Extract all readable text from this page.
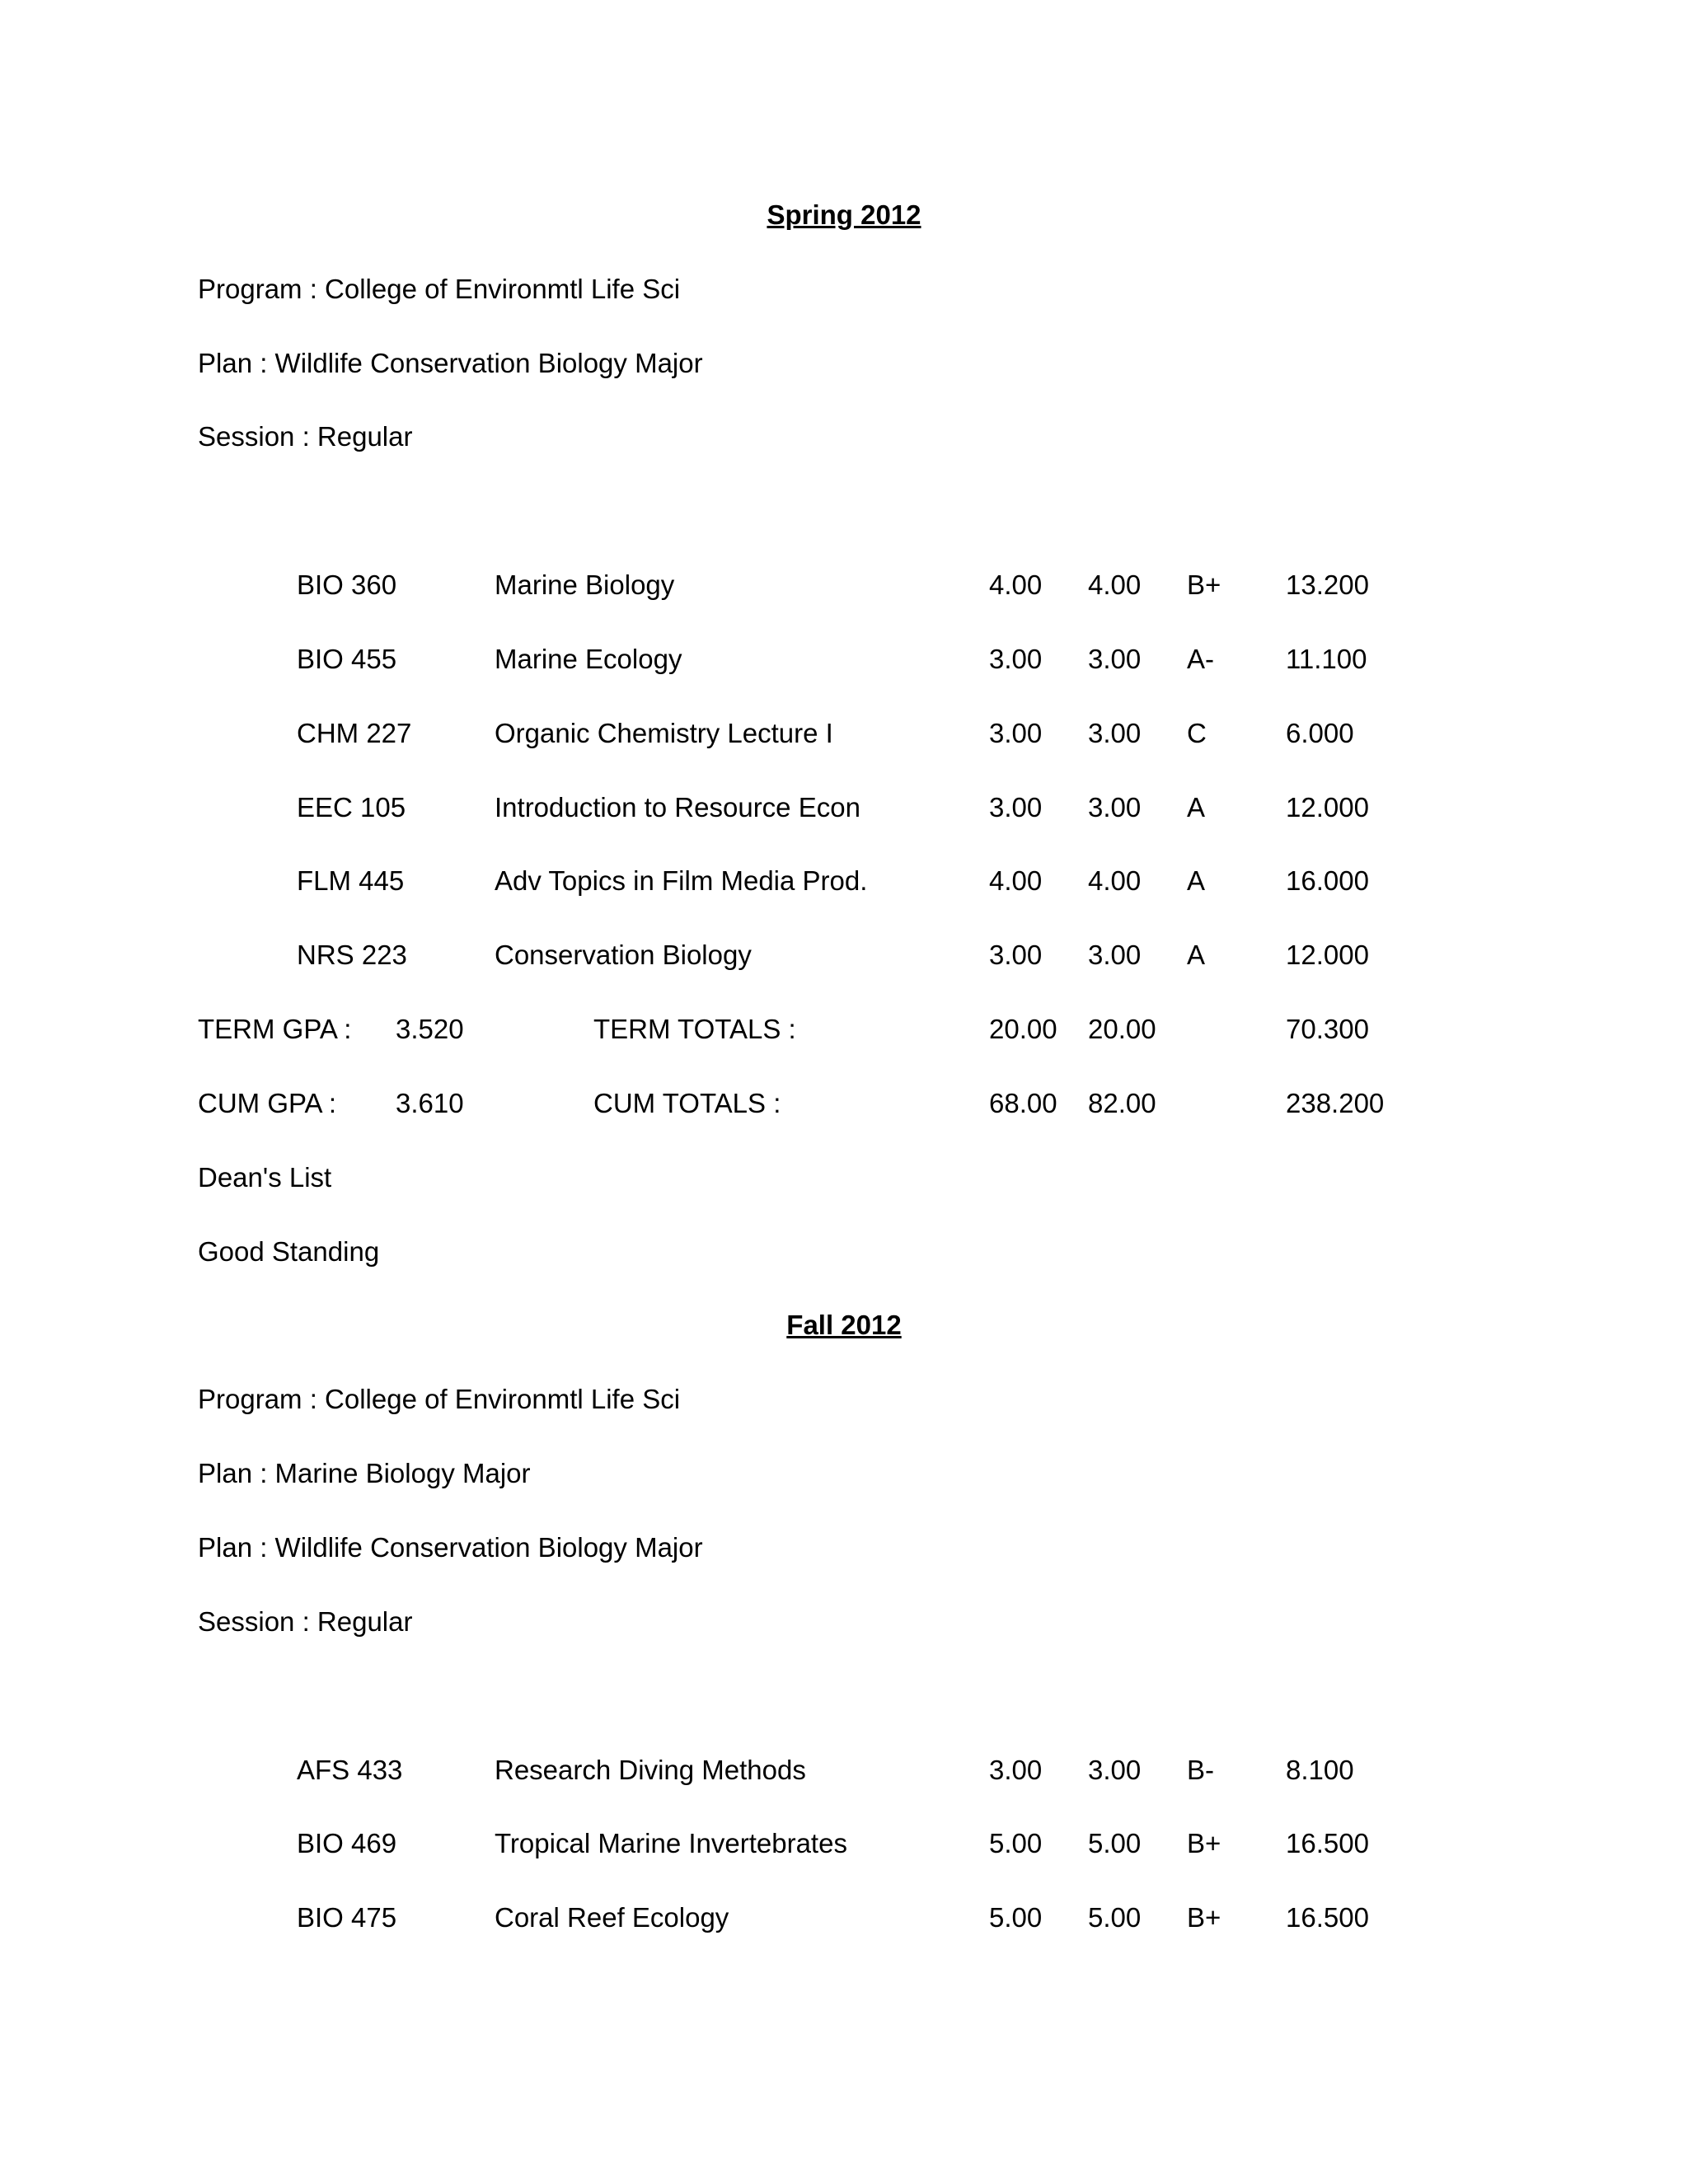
Spring 2012
Program : College of Environmtl Life Sci
Plan : Wildlife Conservation Biology Major
Session : Regular
BIO 360	Marine Biology	4.00 4.00 B+ 13.200
BIO 455	Marine Ecology	3.00 3.00 A-	11.100
CHM 227	Organic Chemistry Lecture I	3.00 3.00 C	6.000
EEC 105	Introduction to Resource Econ	3.00 3.00 A	12.000
FLM 445	Adv Topics in Film Media Prod.	4.00 4.00 A	16.000
NRS 223	Conservation Biology	3.00 3.00 A	12.000
TERM GPA : 3.520	TERM TOTALS :	20.00 20.00	70.300
CUM GPA : 3.610	CUM TOTALS :	68.00 82.00	238.200
Dean's List
Good Standing
Fall 2012
Program : College of Environmtl Life Sci
Plan : Marine Biology Major
Plan : Wildlife Conservation Biology Major
Session : Regular
AFS 433	Research Diving Methods	3.00 3.00 B-	8.100
BIO 469	Tropical Marine Invertebrates	5.00 5.00 B+ 16.500
BIO 475	Coral Reef Ecology	5.00 5.00 B+ 16.500
